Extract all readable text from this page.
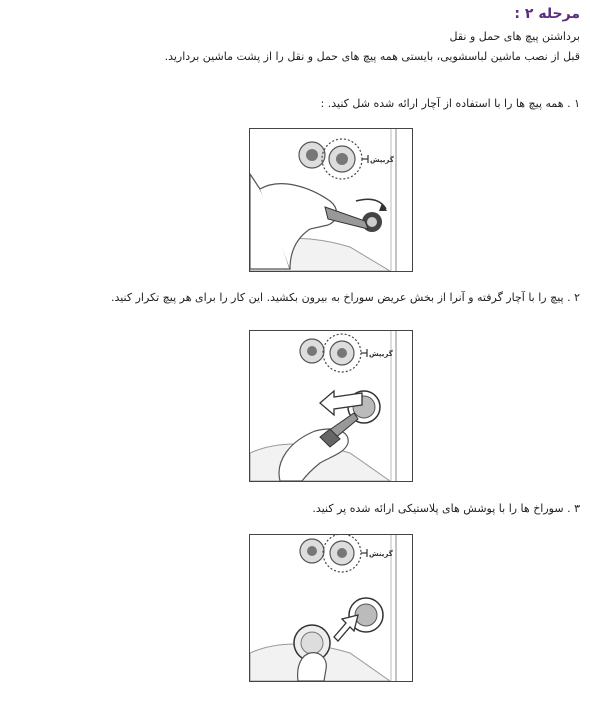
مرحله ۲ :
برداشتن پیچ های حمل و نقل
قبل از نصب ماشین لباسشویی، بایستی همه پیچ های حمل و نقل را از پشت ماشین بردارید.
۱ . همه پیچ ها را با استفاده از آچار ارائه شده شل کنید. :
گریپش
۲ . پیچ را با آچار گرفته و آنرا از بخش عریض سوراخ به بیرون بکشید. این کار را برای هر پیچ تکرار کنید.
گریپش
۳ . سوراخ ها را با پوشش های پلاستیکی ارائه شده پر کنید.
گرینش
